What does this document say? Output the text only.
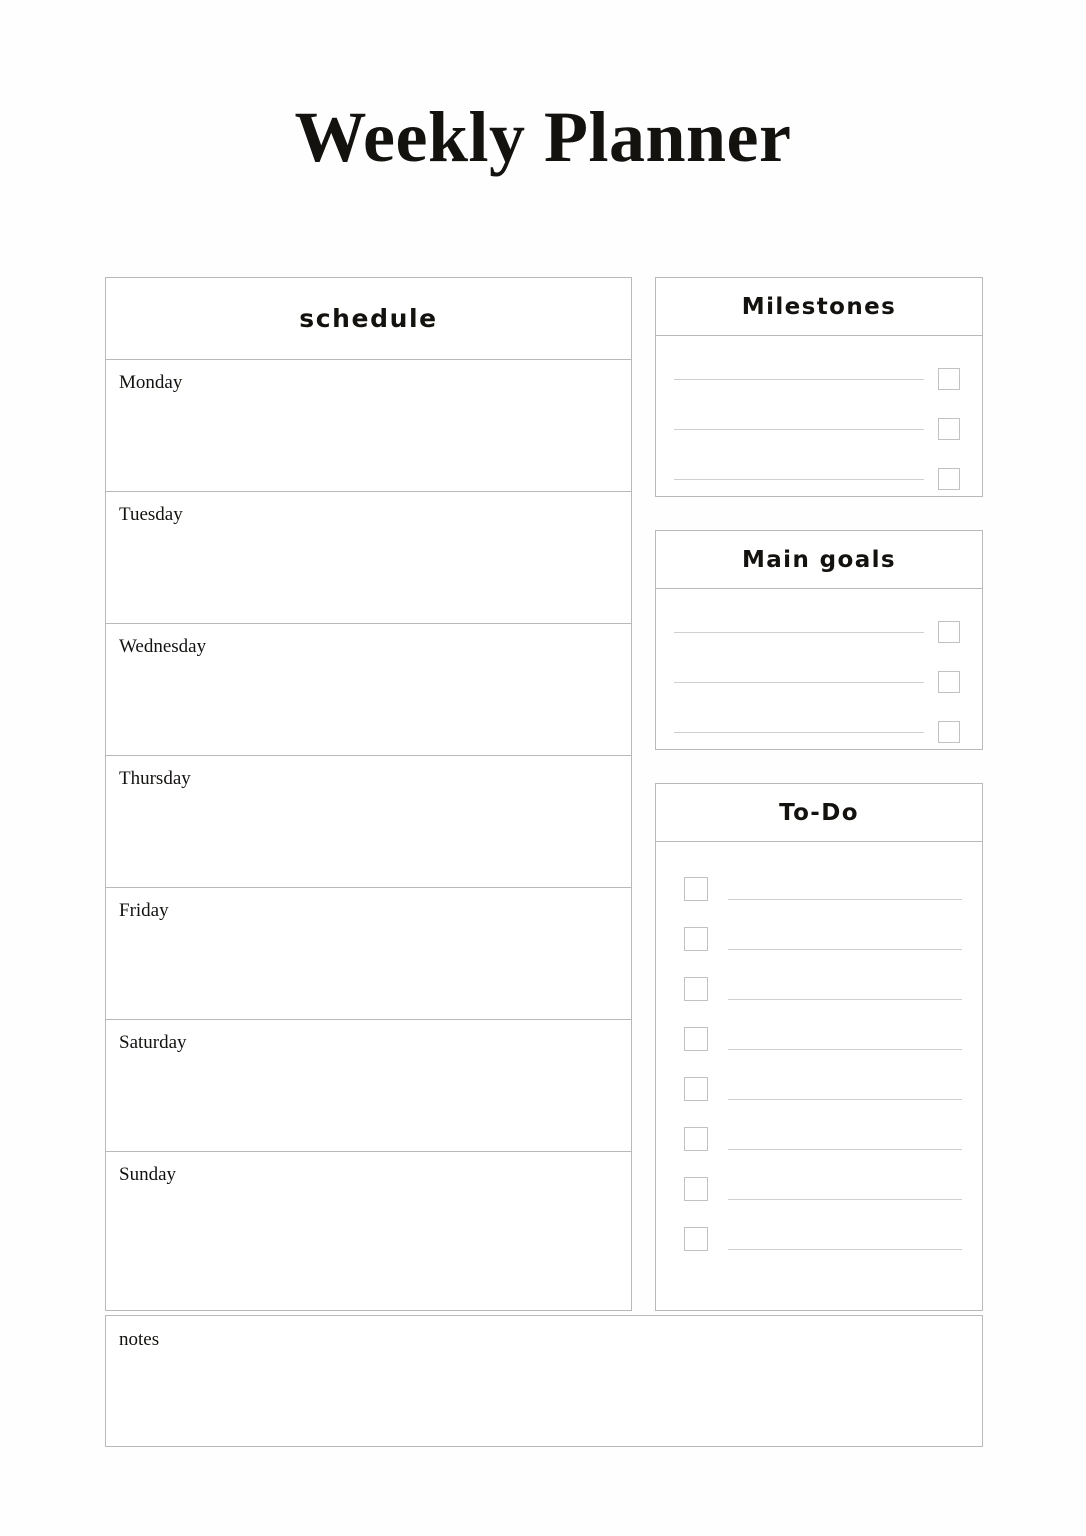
Weekly Planner
schedule
Monday
Tuesday
Wednesday
Thursday
Friday
Saturday
Sunday
Milestones
Main goals
To-Do
notes
